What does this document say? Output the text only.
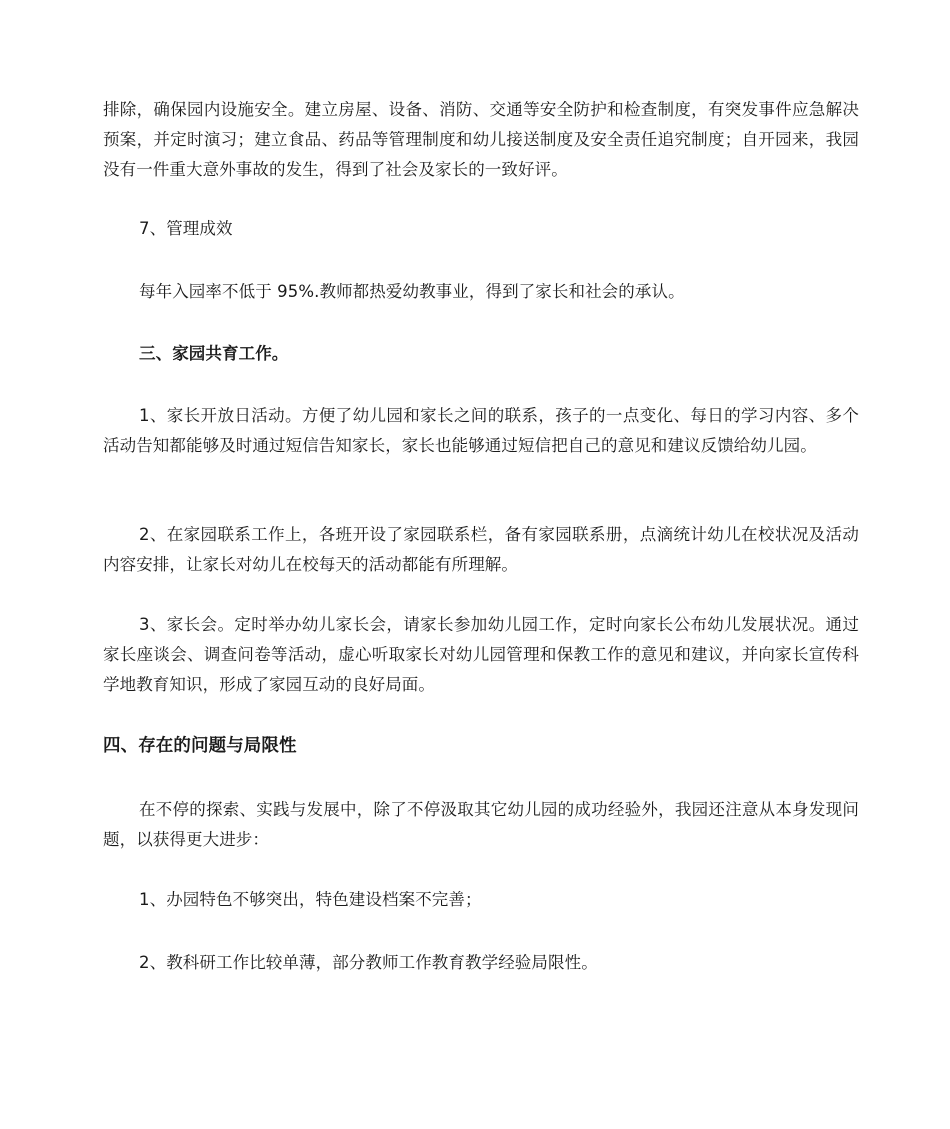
排除，确保园内设施安全。建立房屋、设备、消防、交通等安全防护和检查制度，有突发事件应急解决预案，并定时演习；建立食品、药品等管理制度和幼儿接送制度及安全责任追究制度；自开园来，我园没有一件重大意外事故的发生，得到了社会及家长的一致好评。

7、管理成效

每年入园率不低于 95%.教师都热爱幼教事业，得到了家长和社会的承认。

三、家园共育工作。

1、家长开放日活动。方便了幼儿园和家长之间的联系，孩子的一点变化、每日的学习内容、多个活动告知都能够及时通过短信告知家长，家长也能够通过短信把自己的意见和建议反馈给幼儿园。

2、在家园联系工作上，各班开设了家园联系栏，备有家园联系册，点滴统计幼儿在校状况及活动内容安排，让家长对幼儿在校每天的活动都能有所理解。

3、家长会。定时举办幼儿家长会，请家长参加幼儿园工作，定时向家长公布幼儿发展状况。通过家长座谈会、调查问卷等活动，虚心听取家长对幼儿园管理和保教工作的意见和建议，并向家长宣传科学地教育知识，形成了家园互动的良好局面。

四、存在的问题与局限性

在不停的探索、实践与发展中，除了不停汲取其它幼儿园的成功经验外，我园还注意从本身发现问题，以获得更大进步：

1、办园特色不够突出，特色建设档案不完善；

2、教科研工作比较单薄，部分教师工作教育教学经验局限性。
